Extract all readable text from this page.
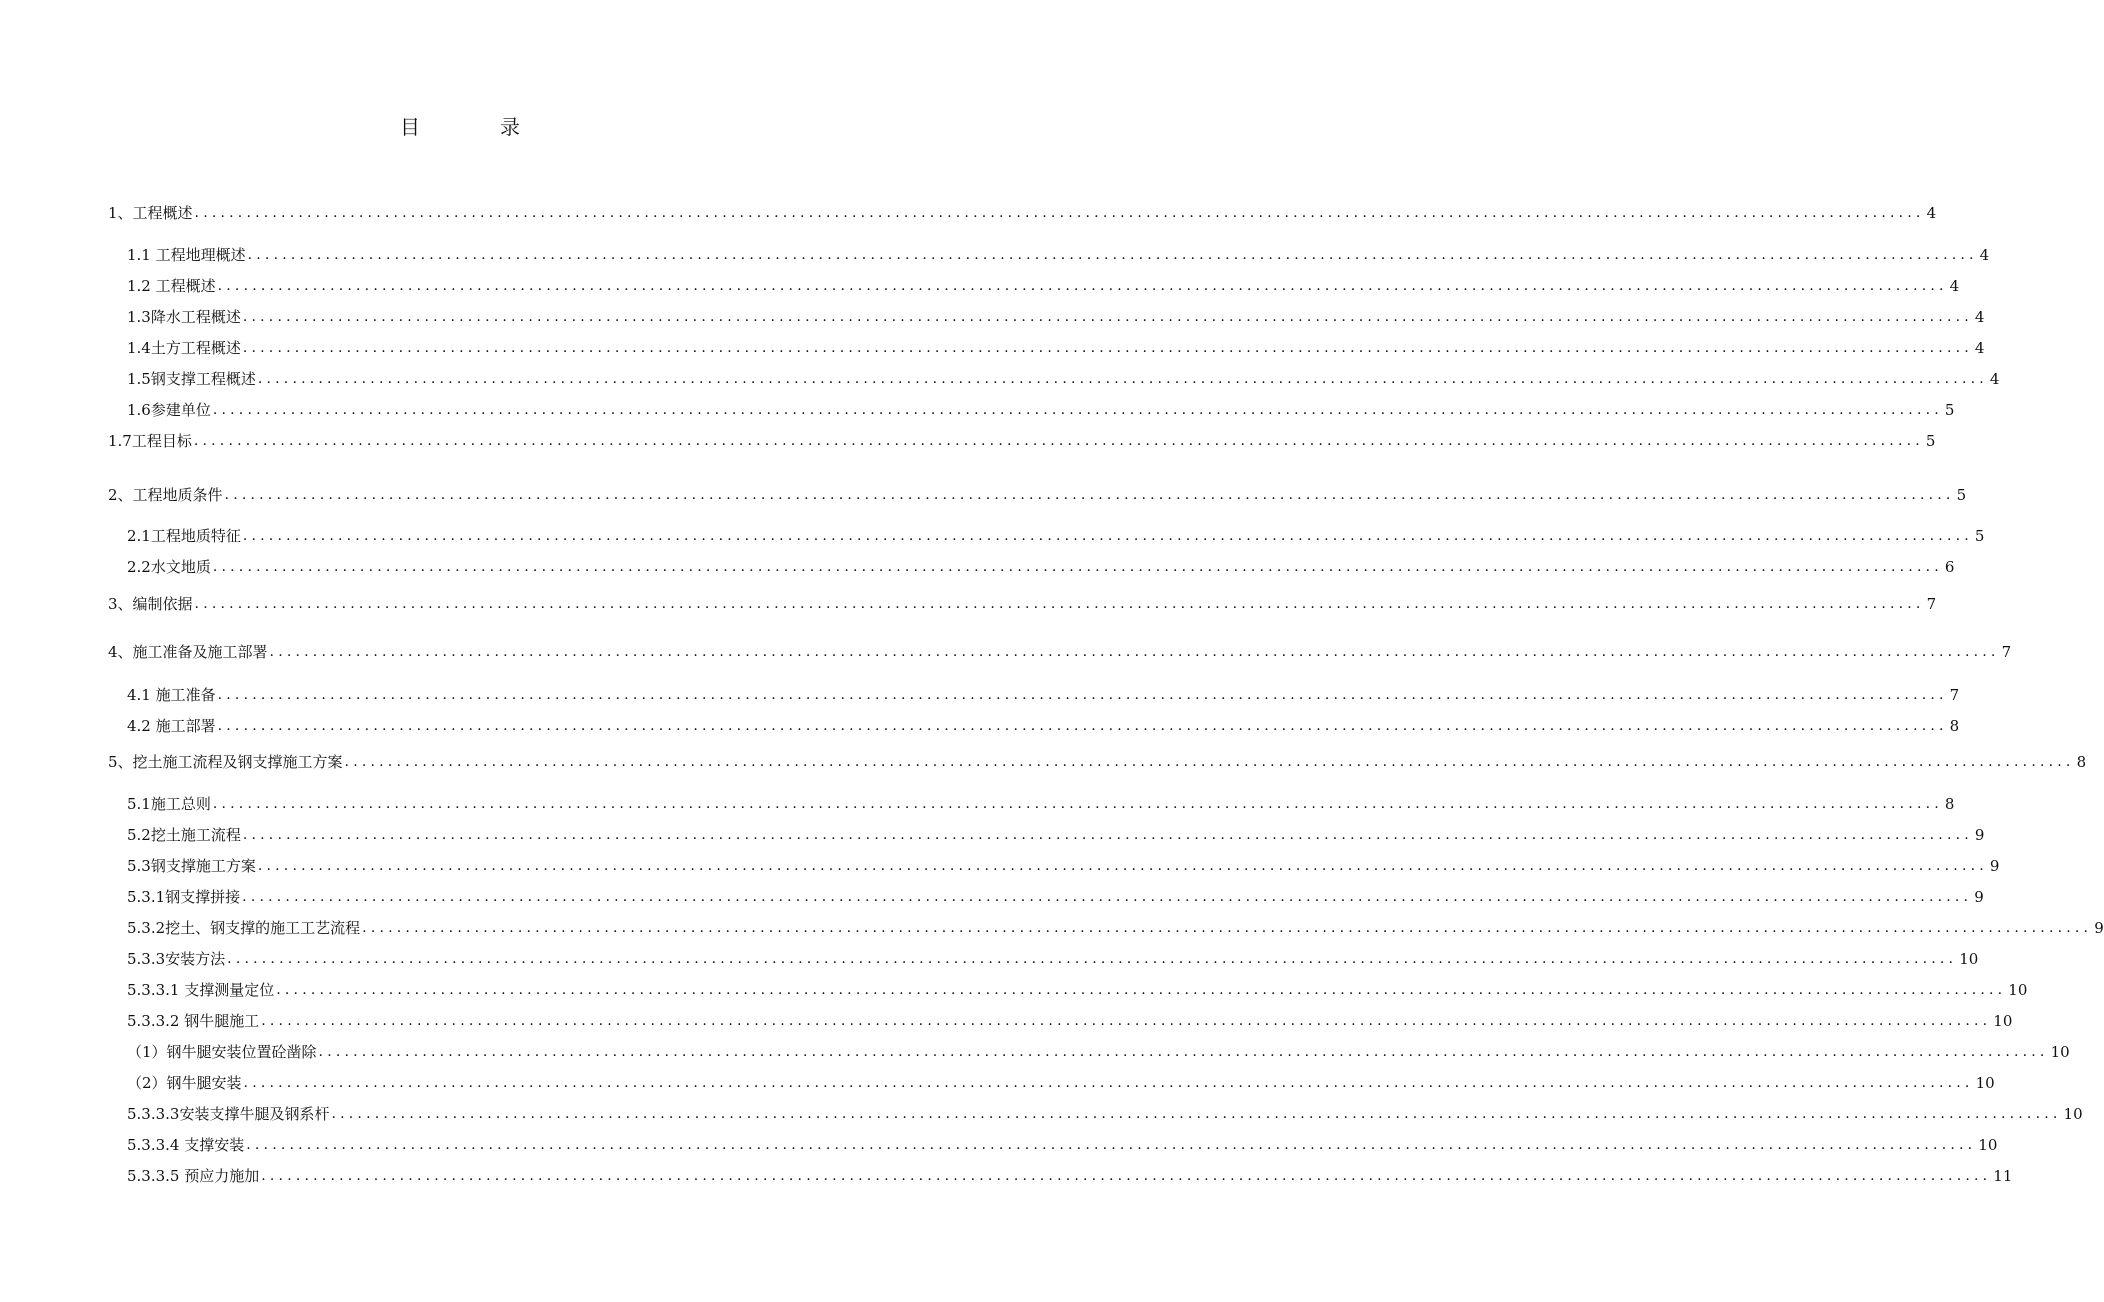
目　录
1、工程概述 ........................................................................................................................................................................................................ 4
1.1 工程地理概述 ........................................................................................................................................................................................................ 4
1.2 工程概述 ........................................................................................................................................................................................................ 4
1.3降水工程概述 ........................................................................................................................................................................................................ 4
1.4土方工程概述 ........................................................................................................................................................................................................ 4
1.5钢支撑工程概述 ........................................................................................................................................................................................................ 4
1.6参建单位 ........................................................................................................................................................................................................ 5
1.7工程目标 ........................................................................................................................................................................................................ 5
2、工程地质条件 ........................................................................................................................................................................................................ 5
2.1工程地质特征 ........................................................................................................................................................................................................ 5
2.2水文地质 ........................................................................................................................................................................................................ 6
3、编制依据 ........................................................................................................................................................................................................ 7
4、施工准备及施工部署 ........................................................................................................................................................................................................ 7
4.1 施工准备 ........................................................................................................................................................................................................ 7
4.2 施工部署 ........................................................................................................................................................................................................ 8
5、挖土施工流程及钢支撑施工方案 ........................................................................................................................................................................................................ 8
5.1施工总则 ........................................................................................................................................................................................................ 8
5.2挖土施工流程 ........................................................................................................................................................................................................ 9
5.3钢支撑施工方案 ........................................................................................................................................................................................................ 9
5.3.1钢支撑拼接 ........................................................................................................................................................................................................ 9
5.3.2挖土、钢支撑的施工工艺流程 ........................................................................................................................................................................................................ 9
5.3.3安装方法 ........................................................................................................................................................................................................ 10
5.3.3.1 支撑测量定位 ........................................................................................................................................................................................................ 10
5.3.3.2 钢牛腿施工 ........................................................................................................................................................................................................ 10
（1）钢牛腿安装位置砼凿除 ........................................................................................................................................................................................................ 10
（2）钢牛腿安装 ........................................................................................................................................................................................................ 10
5.3.3.3安装支撑牛腿及钢系杆 ........................................................................................................................................................................................................ 10
5.3.3.4 支撑安装 ........................................................................................................................................................................................................ 10
5.3.3.5 预应力施加 ........................................................................................................................................................................................................ 11
